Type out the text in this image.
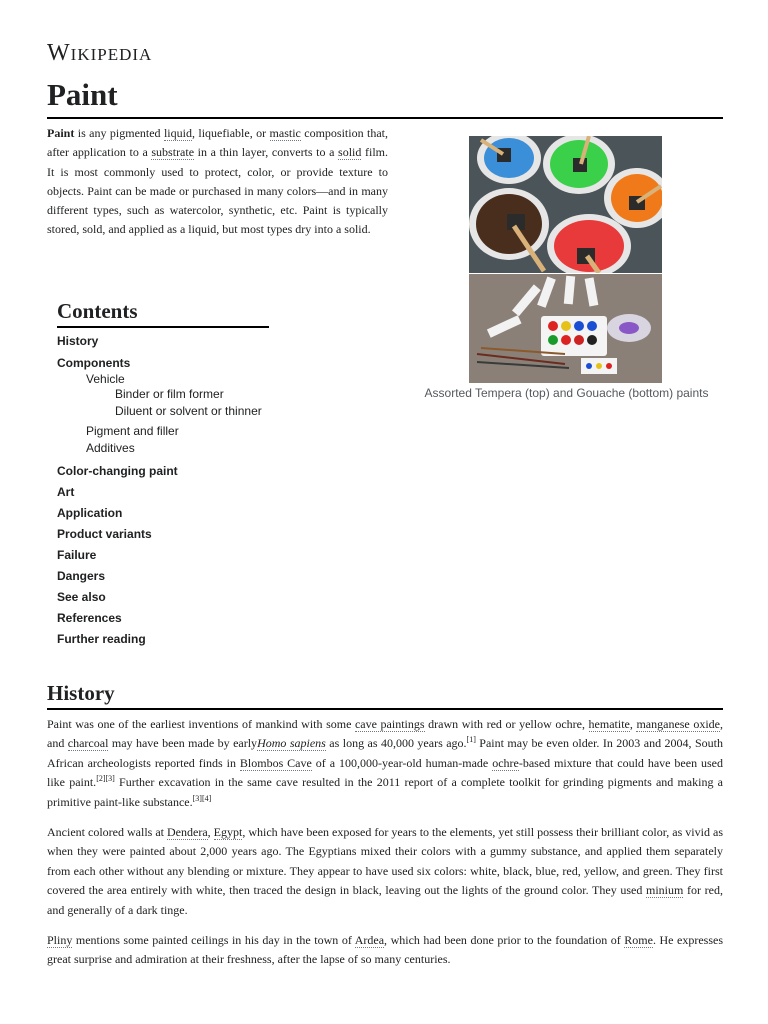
Wikipedia
Paint

Paint is any pigmented liquid, liquefiable, or mastic composition that, after application to a substrate in a thin layer, converts to a solid film. It is most commonly used to protect, color, or provide texture to objects. Paint can be made or purchased in many colors—and in many different types, such as watercolor, synthetic, etc. Paint is typically stored, sold, and applied as a liquid, but most types dry into a solid.

Assorted Tempera (top) and Gouache (bottom) paints
Contents
History
Components
Vehicle
Binder or film former
Diluent or solvent or thinner
Pigment and filler
Additives
Color-changing paint
Art
Application
Product variants
Failure
Dangers
See also
References
Further reading
History

Paint was one of the earliest inventions of mankind with some cave paintings drawn with red or yellow ochre, hematite, manganese oxide, and charcoal may have been made by earlyHomo sapiens as long as 40,000 years ago.[1] Paint may be even older. In 2003 and 2004, South African archeologists reported finds in Blombos Cave of a 100,000-year-old human-made ochre-based mixture that could have been used like paint.[2][3] Further excavation in the same cave resulted in the 2011 report of a complete toolkit for grinding pigments and making a primitive paint-like substance.[3][4]

Ancient colored walls at Dendera, Egypt, which have been exposed for years to the elements, yet still possess their brilliant color, as vivid as when they were painted about 2,000 years ago. The Egyptians mixed their colors with a gummy substance, and applied them separately from each other without any blending or mixture. They appear to have used six colors: white, black, blue, red, yellow, and green. They first covered the area entirely with white, then traced the design in black, leaving out the lights of the ground color. They used minium for red, and generally of a dark tinge.

Pliny mentions some painted ceilings in his day in the town of Ardea, which had been done prior to the foundation of Rome. He expresses great surprise and admiration at their freshness, after the lapse of so many centuries.
